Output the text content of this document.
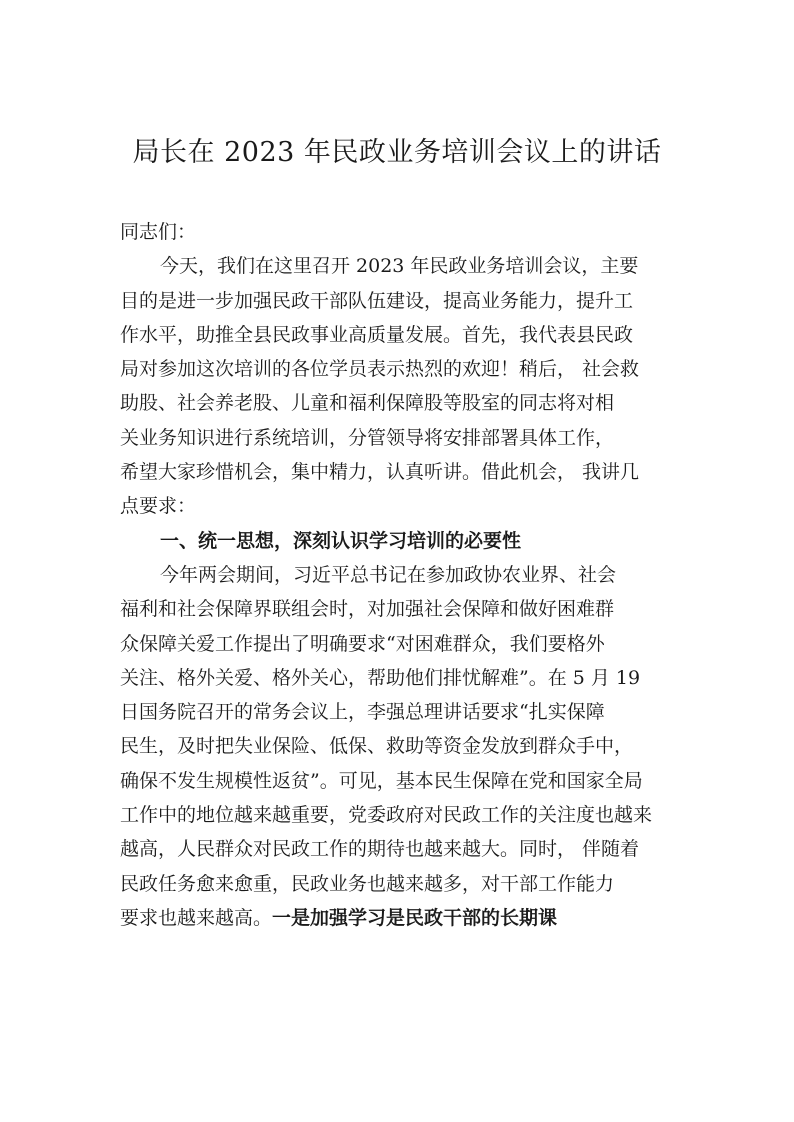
局长在 2023 年民政业务培训会议上的讲话
同志们：
今天，我们在这里召开 2023 年民政业务培训会议，主要
目的是进一步加强民政干部队伍建设，提高业务能力，提升工
作水平，助推全县民政事业高质量发展。首先，我代表县民政
局对参加这次培训的各位学员表示热烈的欢迎！稍后， 社会救
助股、社会养老股、儿童和福利保障股等股室的同志将对相
关业务知识进行系统培训，分管领导将安排部署具体工作，
希望大家珍惜机会，集中精力，认真听讲。借此机会， 我讲几
点要求：
一、统一思想，深刻认识学习培训的必要性
今年两会期间，习近平总书记在参加政协农业界、社会
福利和社会保障界联组会时，对加强社会保障和做好困难群
众保障关爱工作提出了明确要求“对困难群众，我们要格外
关注、格外关爱、格外关心，帮助他们排忧解难”。在 5 月 19
日国务院召开的常务会议上，李强总理讲话要求“扎实保障
民生，及时把失业保险、低保、救助等资金发放到群众手中，
确保不发生规模性返贫”。可见，基本民生保障在党和国家全局
工作中的地位越来越重要，党委政府对民政工作的关注度也越来
越高，人民群众对民政工作的期待也越来越大。同时， 伴随着
民政任务愈来愈重，民政业务也越来越多，对干部工作能力
要求也越来越高。一是加强学习是民政干部的长期课
